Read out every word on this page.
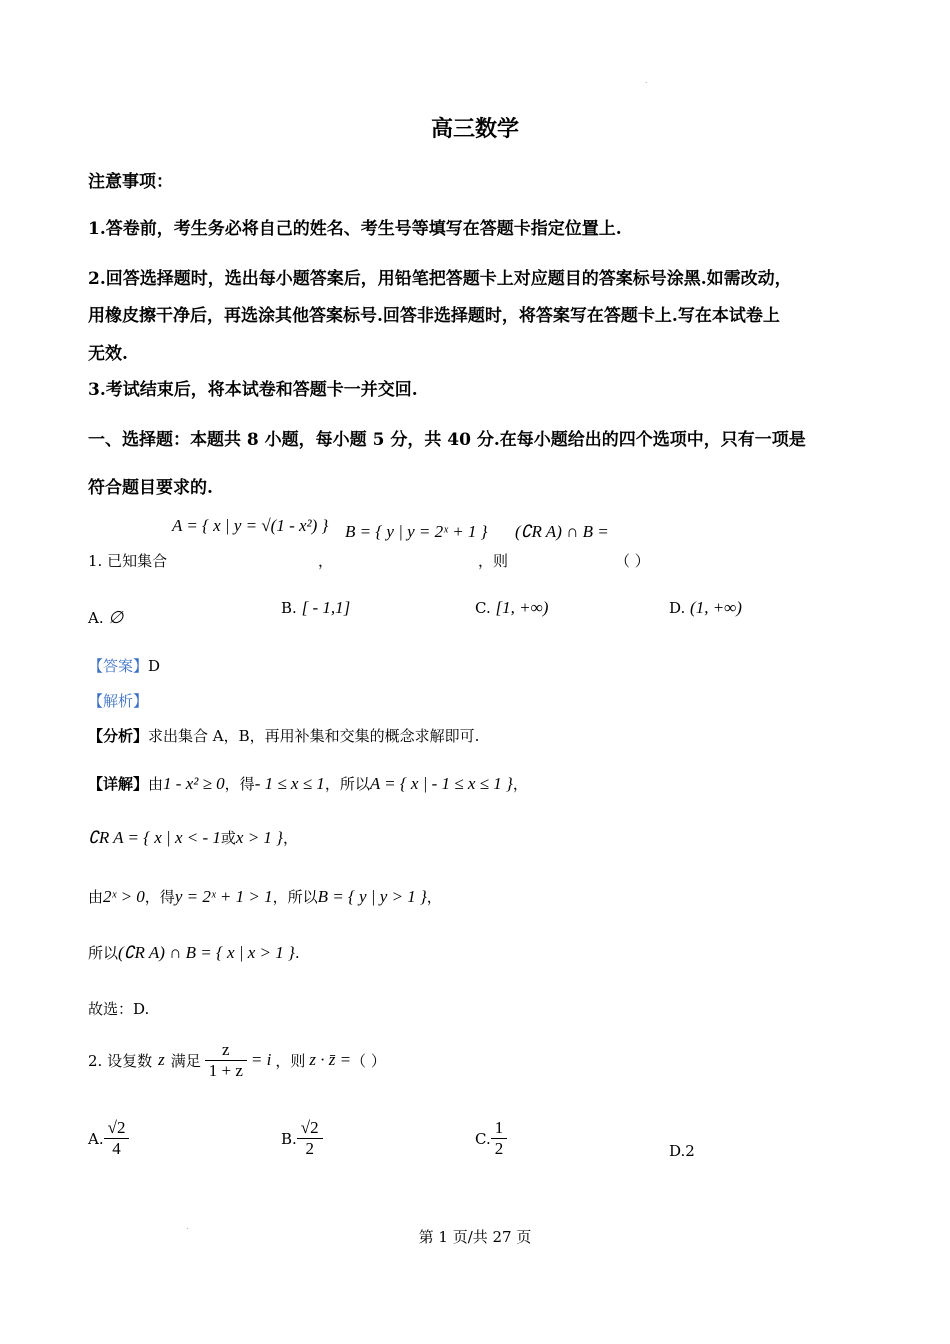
.
.
高三数学
注意事项：
1.答卷前，考生务必将自己的姓名、考生号等填写在答题卡指定位置上.
2.回答选择题时，选出每小题答案后，用铅笔把答题卡上对应题目的答案标号涂黑.如需改动，
用橡皮擦干净后，再选涂其他答案标号.回答非选择题时，将答案写在答题卡上.写在本试卷上
无效.
3.考试结束后，将本试卷和答题卡一并交回.
一、选择题：本题共 8 小题，每小题 5 分，共 40 分.在每小题给出的四个选项中，只有一项是
符合题目要求的.
1. 已知集合
A = { x | y = √(1 - x²) }
，
B = { y | y = 2ˣ + 1 }
，则
(∁R A) ∩ B =
（ ）
A. ∅	B. [ - 1,1]	C. [1, +∞)	D. (1, +∞)
【答案】D
【解析】
【分析】求出集合 A，B，再用补集和交集的概念求解即可.
【详解】由1 - x² ≥ 0，得- 1 ≤ x ≤ 1，所以A = { x | - 1 ≤ x ≤ 1 }，
∁R A = { x | x < - 1或x > 1 }，
由2ˣ > 0，得y = 2ˣ + 1 > 1，所以B = { y | y > 1 }，
所以(∁R A) ∩ B = { x | x > 1 }.
故选：D.
2. 设复数 z 满足 $\frac{z}{1 + z} = i$ ，则 z · z̄ = （ ）
A. $\frac{√2}{4}$	B. $\frac{√2}{2}$	C. $\frac{1}{2}$	D.2
第 1 页/共 27 页
